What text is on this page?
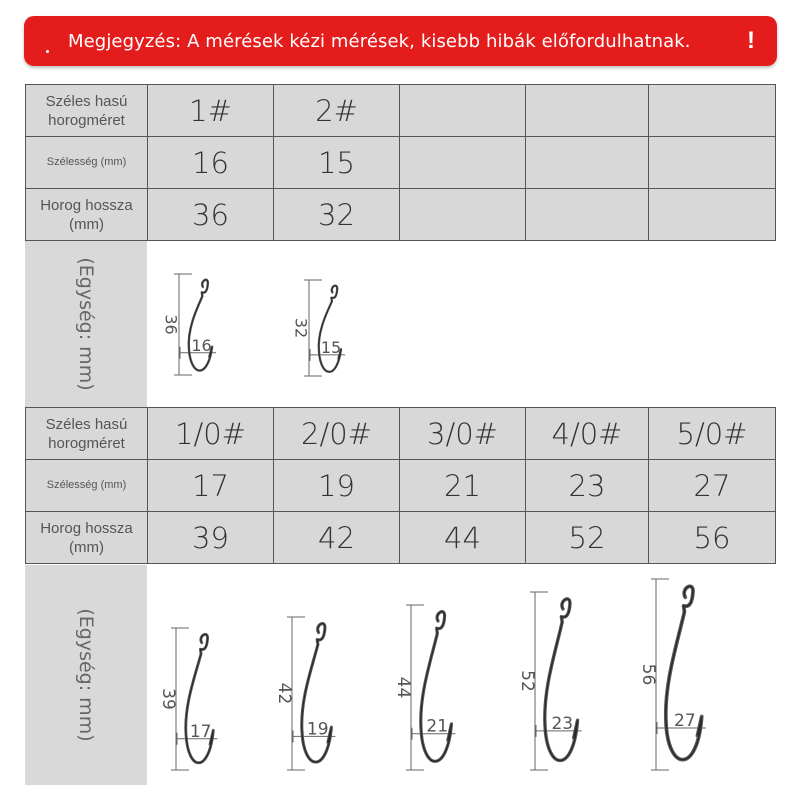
Megjegyzés: A mérések kézi mérések, kisebb hibák előfordulhatnak. !
Széles hasú horogméret	1#	2#			
Szélesség (mm)	16	15			
Horog hossza (mm)	36	32			
(Egység: mm)
Széles hasú horogméret	1/0#	2/0#	3/0#	4/0#	5/0#
Szélesség (mm)	17	19	21	23	27
Horog hossza (mm)	39	42	44	52	56
(Egység: mm)
36
16
32
15
39
17
42
19
44
21
52
23
56
27
